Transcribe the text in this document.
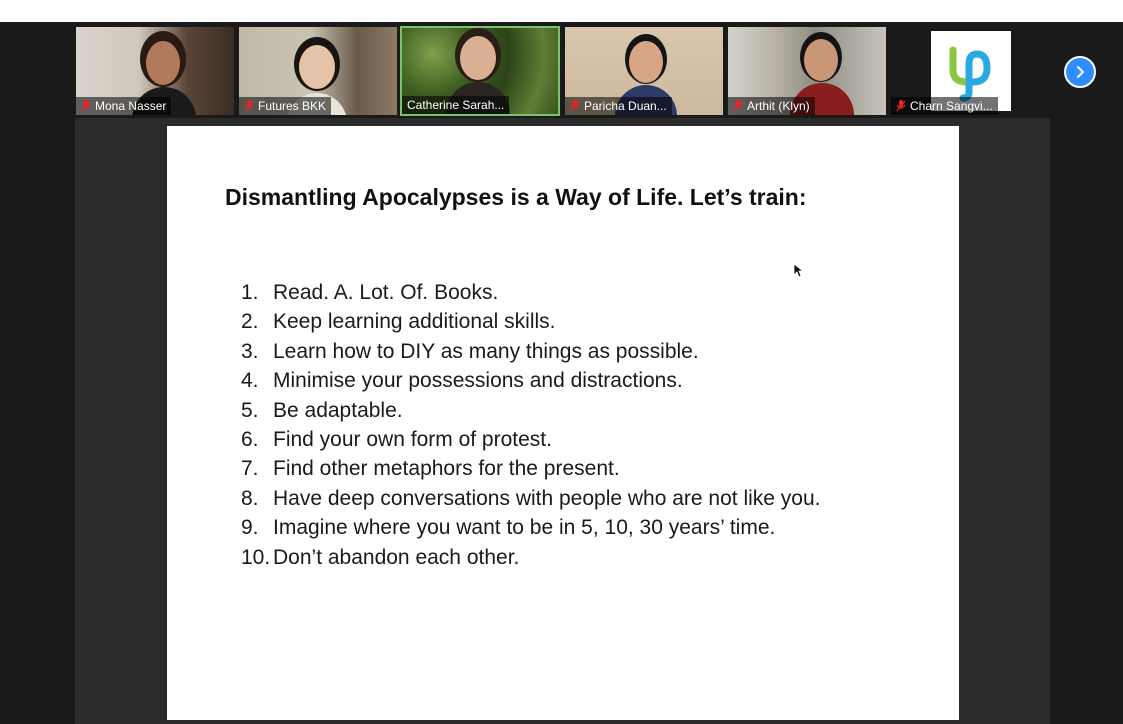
Mona Nasser	Futures BKK	Catherine Sarah...	Paricha Duan...	Arthit (Klyn)	Charn Sangvi...
Dismantling Apocalypses is a Way of Life. Let’s train:
1. Read. A. Lot. Of. Books.
2. Keep learning additional skills.
3. Learn how to DIY as many things as possible.
4. Minimise your possessions and distractions.
5. Be adaptable.
6. Find your own form of protest.
7. Find other metaphors for the present.
8. Have deep conversations with people who are not like you.
9. Imagine where you want to be in 5, 10, 30 years’ time.
10. Don’t abandon each other.
